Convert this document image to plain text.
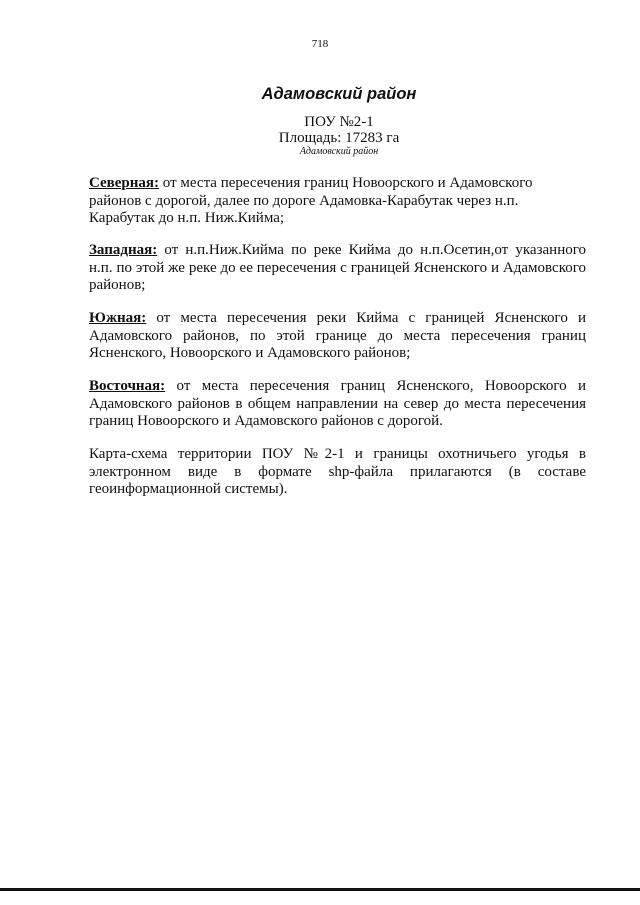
718
Адамовский район
ПОУ №2-1
Площадь: 17283 га
Адамовский район
Северная: от места пересечения границ Новоорского и Адамовского
районов с дорогой, далее по дороге Адамовка-Карабутак через н.п.
Карабутак до н.п. Ниж.Кийма;
Западная: от н.п.Ниж.Кийма по реке Кийма до н.п.Осетин,от указанного н.п. по этой же реке до ее пересечения с границей Ясненского и Адамовского районов;
Южная: от места пересечения реки Кийма с границей Ясненского и Адамовского районов, по этой границе до места пересечения границ Ясненского, Новоорского и Адамовского районов;
Восточная: от места пересечения границ Ясненского, Новоорского и Адамовского районов в общем направлении на север до места пересечения границ Новоорского и Адамовского районов с дорогой.
Карта-схема территории ПОУ №2-1 и границы охотничьего угодья в электронном виде в формате shp-файла прилагаются (в составе геоинформационной системы).
